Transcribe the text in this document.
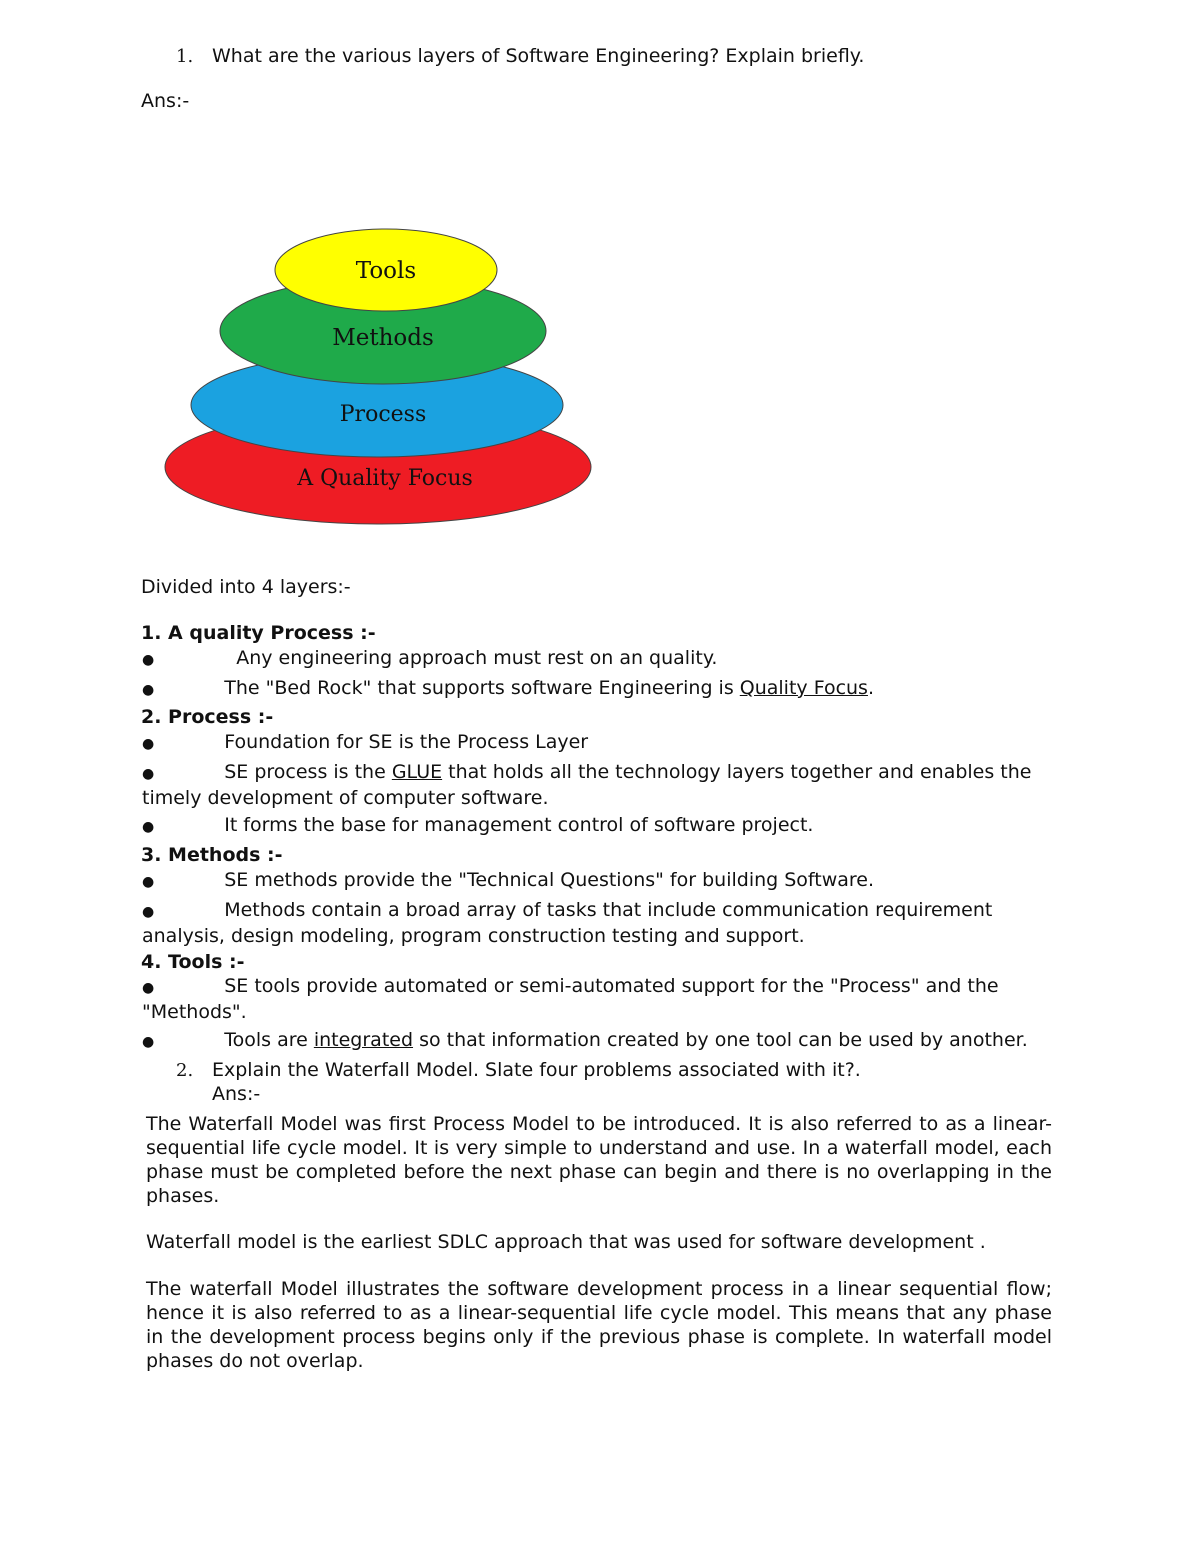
1. What are the various layers of Software Engineering? Explain briefly.
Ans:-
Tools
Methods
Process
A Quality Focus
Divided into 4 layers:-
1. A quality Process :-
●	Any engineering approach must rest on an quality.
●	The "Bed Rock" that supports software Engineering is Quality Focus.
2. Process :-
●	Foundation for SE is the Process Layer
●	SE process is the GLUE that holds all the technology layers together and enables the timely development of computer software.
●	It forms the base for management control of software project.
3. Methods :-
●	SE methods provide the "Technical Questions" for building Software.
●	Methods contain a broad array of tasks that include communication requirement analysis, design modeling, program construction testing and support.
4. Tools :-
●	SE tools provide automated or semi-automated support for the "Process" and the "Methods".
●	Tools are integrated so that information created by one tool can be used by another.
2. Explain the Waterfall Model. Slate four problems associated with it?.
Ans:-

The Waterfall Model was first Process Model to be introduced. It is also referred to as a linear-sequential life cycle model. It is very simple to understand and use. In a waterfall model, each phase must be completed before the next phase can begin and there is no overlapping in the phases.

Waterfall model is the earliest SDLC approach that was used for software development .

The waterfall Model illustrates the software development process in a linear sequential flow; hence it is also referred to as a linear-sequential life cycle model. This means that any phase in the development process begins only if the previous phase is complete. In waterfall model phases do not overlap.
